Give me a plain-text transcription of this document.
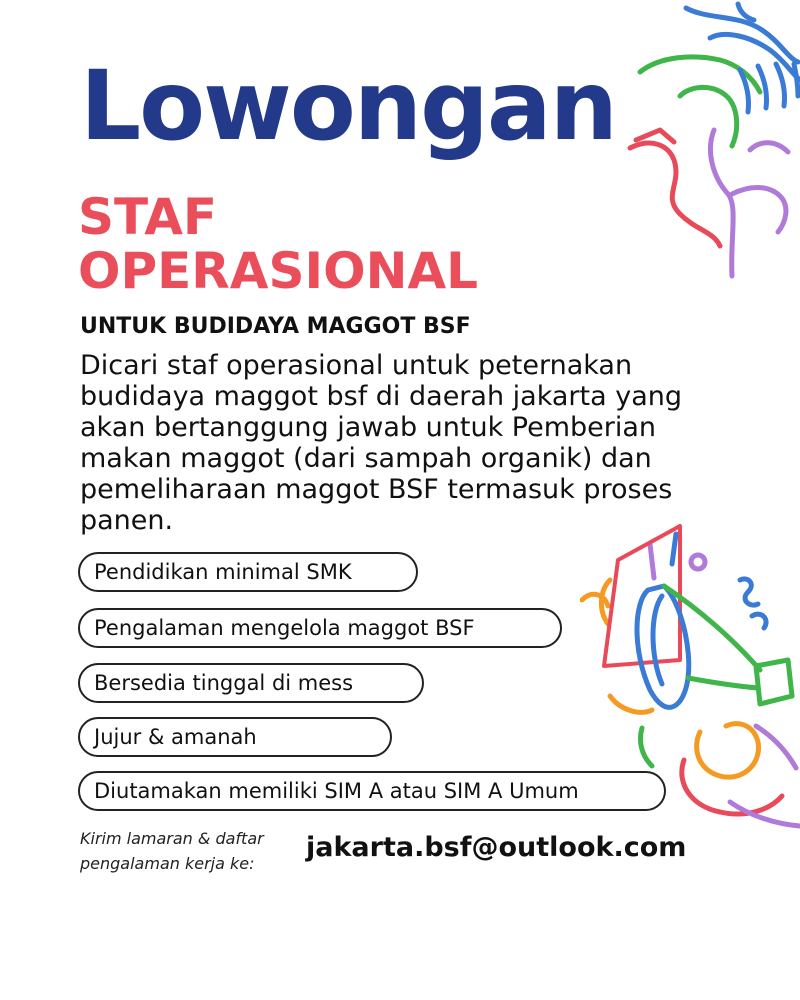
Lowongan
STAF
OPERASIONAL
UNTUK BUDIDAYA MAGGOT BSF

Dicari staf operasional untuk peternakan budidaya maggot bsf di daerah jakarta yang akan bertanggung jawab untuk Pemberian makan maggot (dari sampah organik) dan pemeliharaan maggot BSF termasuk proses panen.

Pendidikan minimal SMK
Pengalaman mengelola maggot BSF
Bersedia tinggal di mess
Jujur & amanah
Diutamakan memiliki SIM A atau SIM A Umum
Kirim lamaran & daftar
pengalaman kerja ke:
jakarta.bsf@outlook.com
